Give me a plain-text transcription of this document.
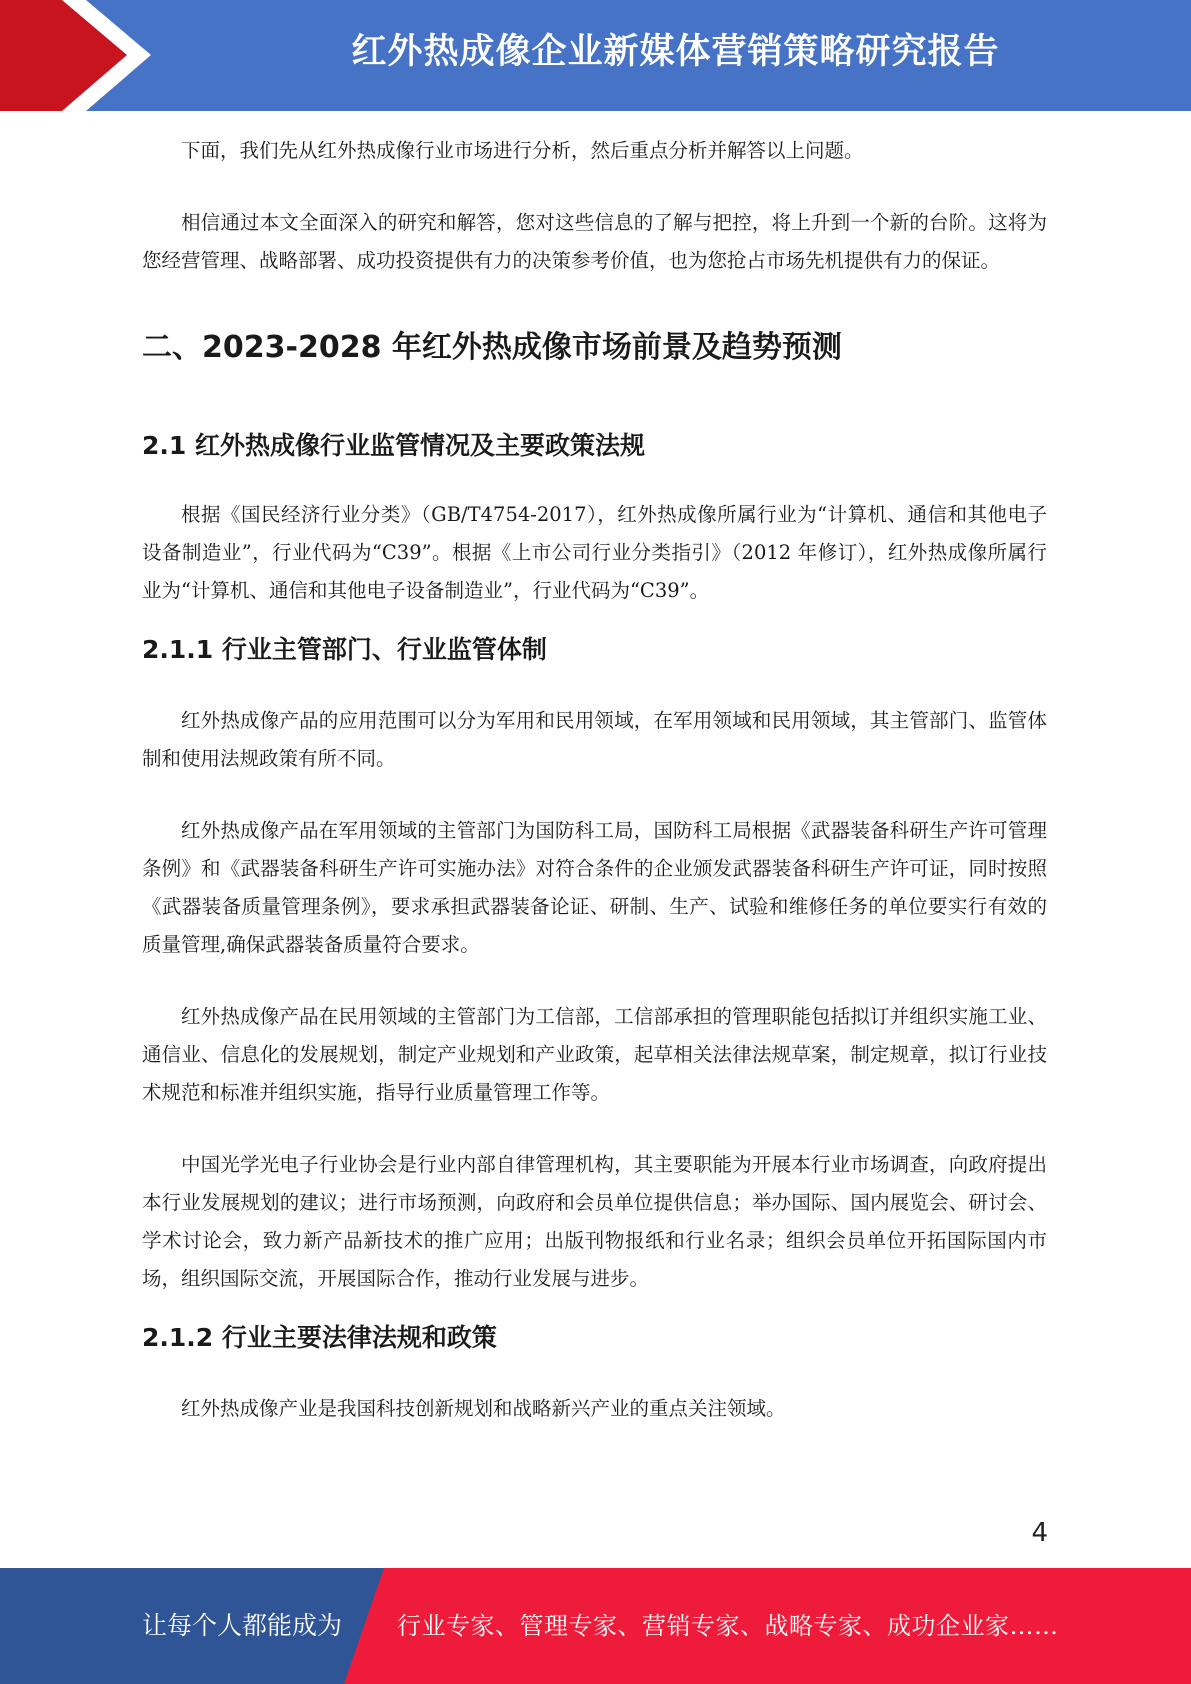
红外热成像企业新媒体营销策略研究报告

下面，我们先从红外热成像行业市场进行分析，然后重点分析并解答以上问题。

相信通过本文全面深入的研究和解答，您对这些信息的了解与把控，将上升到一个新的台阶。这将为您经营管理、战略部署、成功投资提供有力的决策参考价值，也为您抢占市场先机提供有力的保证。

二、2023-2028 年红外热成像市场前景及趋势预测
2.1 红外热成像行业监管情况及主要政策法规

根据《国民经济行业分类》（GB/T4754-2017），红外热成像所属行业为“计算机、通信和其他电子设备制造业”，行业代码为“C39”。根据《上市公司行业分类指引》（2012 年修订），红外热成像所属行业为“计算机、通信和其他电子设备制造业”，行业代码为“C39”。

2.1.1 行业主管部门、行业监管体制

红外热成像产品的应用范围可以分为军用和民用领域，在军用领域和民用领域，其主管部门、监管体制和使用法规政策有所不同。

红外热成像产品在军用领域的主管部门为国防科工局，国防科工局根据《武器装备科研生产许可管理条例》和《武器装备科研生产许可实施办法》对符合条件的企业颁发武器装备科研生产许可证，同时按照《武器装备质量管理条例》，要求承担武器装备论证、研制、生产、试验和维修任务的单位要实行有效的质量管理,确保武器装备质量符合要求。

红外热成像产品在民用领域的主管部门为工信部，工信部承担的管理职能包括拟订并组织实施工业、通信业、信息化的发展规划，制定产业规划和产业政策，起草相关法律法规草案，制定规章，拟订行业技术规范和标准并组织实施，指导行业质量管理工作等。

中国光学光电子行业协会是行业内部自律管理机构，其主要职能为开展本行业市场调查，向政府提出本行业发展规划的建议；进行市场预测，向政府和会员单位提供信息；举办国际、国内展览会、研讨会、学术讨论会，致力新产品新技术的推广应用；出版刊物报纸和行业名录；组织会员单位开拓国际国内市场，组织国际交流，开展国际合作，推动行业发展与进步。

2.1.2 行业主要法律法规和政策

红外热成像产业是我国科技创新规划和战略新兴产业的重点关注领域。

4
让每个人都能成为 行业专家、管理专家、营销专家、战略专家、成功企业家……
